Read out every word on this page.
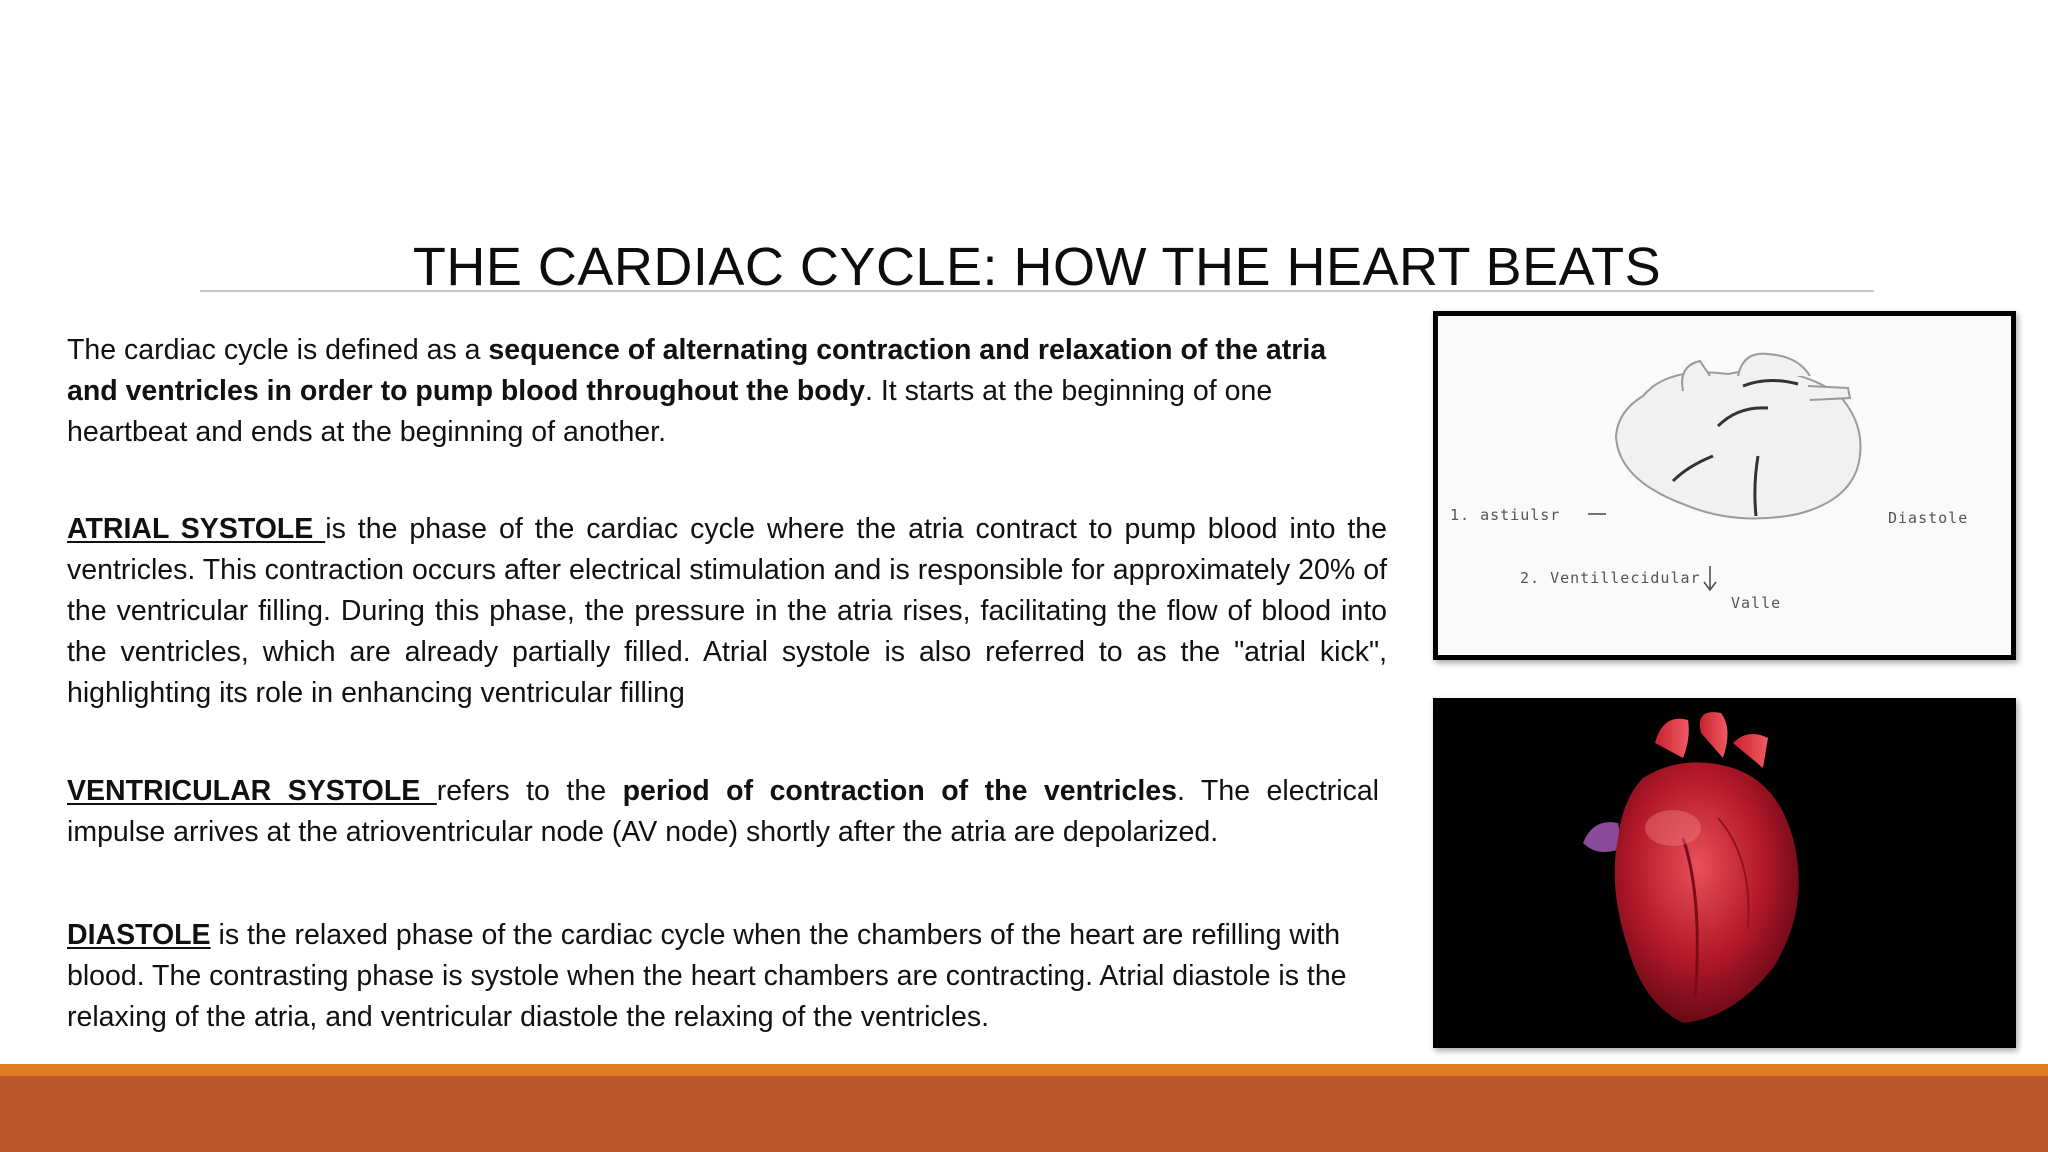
THE CARDIAC CYCLE: HOW THE HEART BEATS

The cardiac cycle is defined as a sequence of alternating contraction and relaxation of the atria and ventricles in order to pump blood throughout the body. It starts at the beginning of one heartbeat and ends at the beginning of another.

ATRIAL SYSTOLE is the phase of the cardiac cycle where the atria contract to pump blood into the ventricles. This contraction occurs after electrical stimulation and is responsible for approximately 20% of the ventricular filling. During this phase, the pressure in the atria rises, facilitating the flow of blood into the ventricles, which are already partially filled. Atrial systole is also referred to as the "atrial kick", highlighting its role in enhancing ventricular filling

VENTRICULAR SYSTOLE refers to the period of contraction of the ventricles. The electrical impulse arrives at the atrioventricular node (AV node) shortly after the atria are depolarized.

DIASTOLE is the relaxed phase of the cardiac cycle when the chambers of the heart are refilling with blood. The contrasting phase is systole when the heart chambers are contracting. Atrial diastole is the relaxing of the atria, and ventricular diastole the relaxing of the ventricles.

1. astiulsr
2. Ventillecidular
Valle
Diastole
